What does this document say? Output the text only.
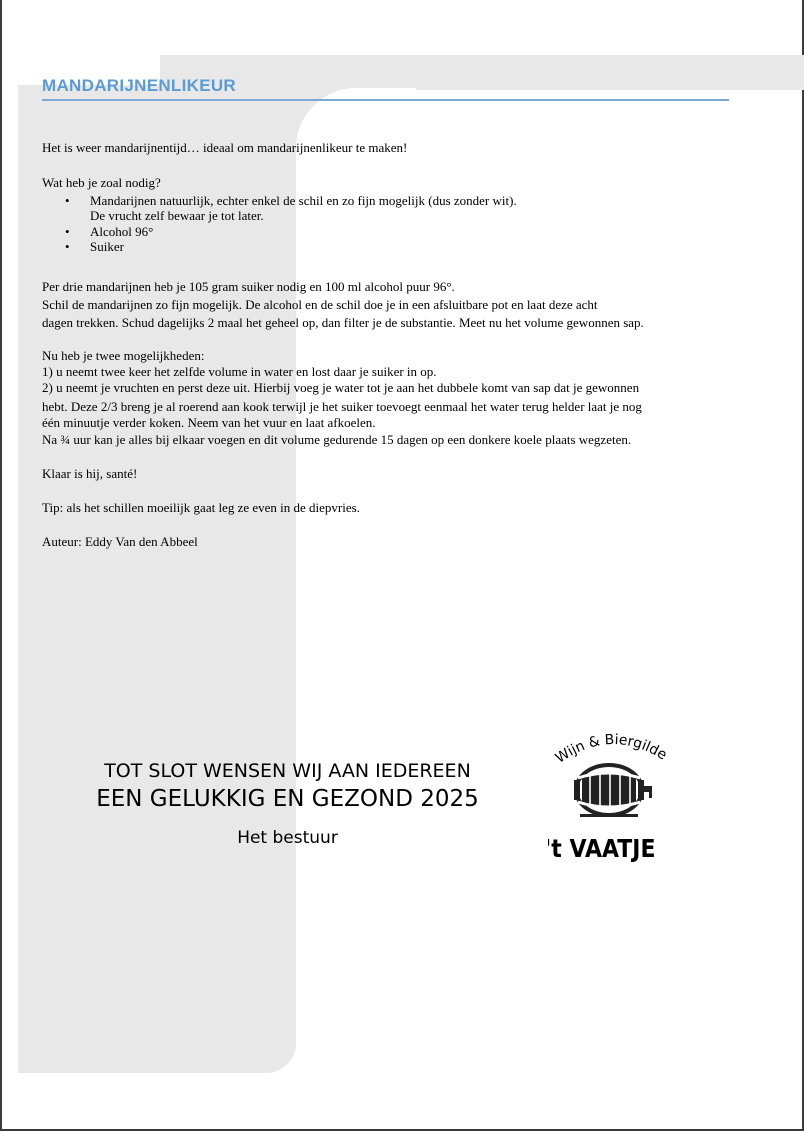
MANDARIJNENLIKEUR
Het is weer mandarijnentijd… ideaal om mandarijnenlikeur te maken!
Wat heb je zoal nodig?
• Mandarijnen natuurlijk, echter enkel de schil en zo fijn mogelijk (dus zonder wit).
De vrucht zelf bewaar je tot later.
• Alcohol 96°
• Suiker
Per drie mandarijnen heb je 105 gram suiker nodig en 100 ml alcohol puur 96°.
Schil de mandarijnen zo fijn mogelijk. De alcohol en de schil doe je in een afsluitbare pot en laat deze acht
dagen trekken. Schud dagelijks 2 maal het geheel op, dan filter je de substantie. Meet nu het volume gewonnen sap.
Nu heb je twee mogelijkheden:
1) u neemt twee keer het zelfde volume in water en lost daar je suiker in op.
2) u neemt je vruchten en perst deze uit. Hierbij voeg je water tot je aan het dubbele komt van sap dat je gewonnen
hebt. Deze 2/3 breng je al roerend aan kook terwijl je het suiker toevoegt eenmaal het water terug helder laat je nog
één minuutje verder koken. Neem van het vuur en laat afkoelen.
Na ¾ uur kan je alles bij elkaar voegen en dit volume gedurende 15 dagen op een donkere koele plaats wegzeten.
Klaar is hij, santé!
Tip: als het schillen moeilijk gaat leg ze even in de diepvries.
Auteur: Eddy Van den Abbeel
TOT SLOT WENSEN WIJ AAN IEDEREEN
EEN GELUKKIG EN GEZOND 2025
Het bestuur
Wijn & Biergilde
't VAATJE
